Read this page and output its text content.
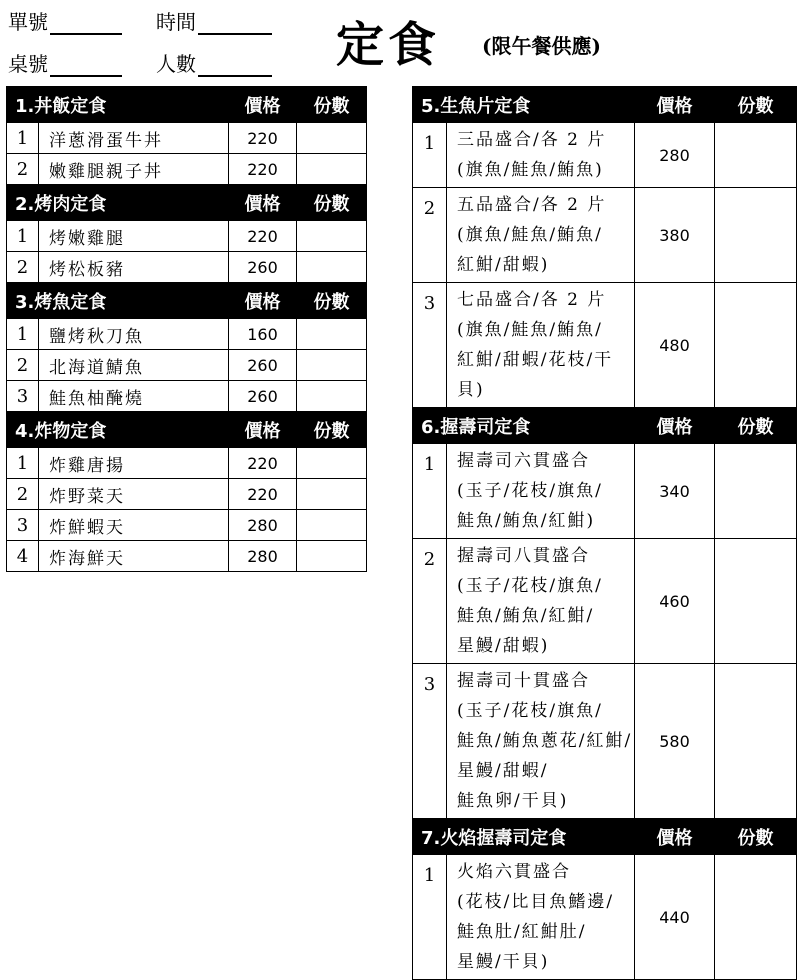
單號	時間
桌號	人數	定食 (限午餐供應)
1.丼飯定食		價格	份數
1	洋蔥滑蛋牛丼	220	
2	嫩雞腿親子丼	220	
2.烤肉定食		價格	份數
1	烤嫩雞腿	220	
2	烤松板豬	260	
3.烤魚定食		價格	份數
1	鹽烤秋刀魚	160	
2	北海道鯖魚	260	
3	鮭魚柚醃燒	260	
4.炸物定食		價格	份數
1	炸雞唐揚	220	
2	炸野菜天	220	
3	炸鮮蝦天	280	
4	炸海鮮天	280	
5.生魚片定食		價格	份數
1	三品盛合/各 2 片
(旗魚/鮭魚/鮪魚)	280	
2	五品盛合/各 2 片
(旗魚/鮭魚/鮪魚/
紅魽/甜蝦)	380	
3	七品盛合/各 2 片
(旗魚/鮭魚/鮪魚/
紅魽/甜蝦/花枝/干貝)	480	
6.握壽司定食		價格	份數
1	握壽司六貫盛合
(玉子/花枝/旗魚/
鮭魚/鮪魚/紅魽)	340	
2	握壽司八貫盛合
(玉子/花枝/旗魚/
鮭魚/鮪魚/紅魽/
星鰻/甜蝦)	460	
3	握壽司十貫盛合
(玉子/花枝/旗魚/
鮭魚/鮪魚蔥花/紅魽/
星鰻/甜蝦/
鮭魚卵/干貝)	580	
7.火焰握壽司定食		價格	份數
1	火焰六貫盛合
(花枝/比目魚鰭邊/
鮭魚肚/紅魽肚/
星鰻/干貝)	440	
